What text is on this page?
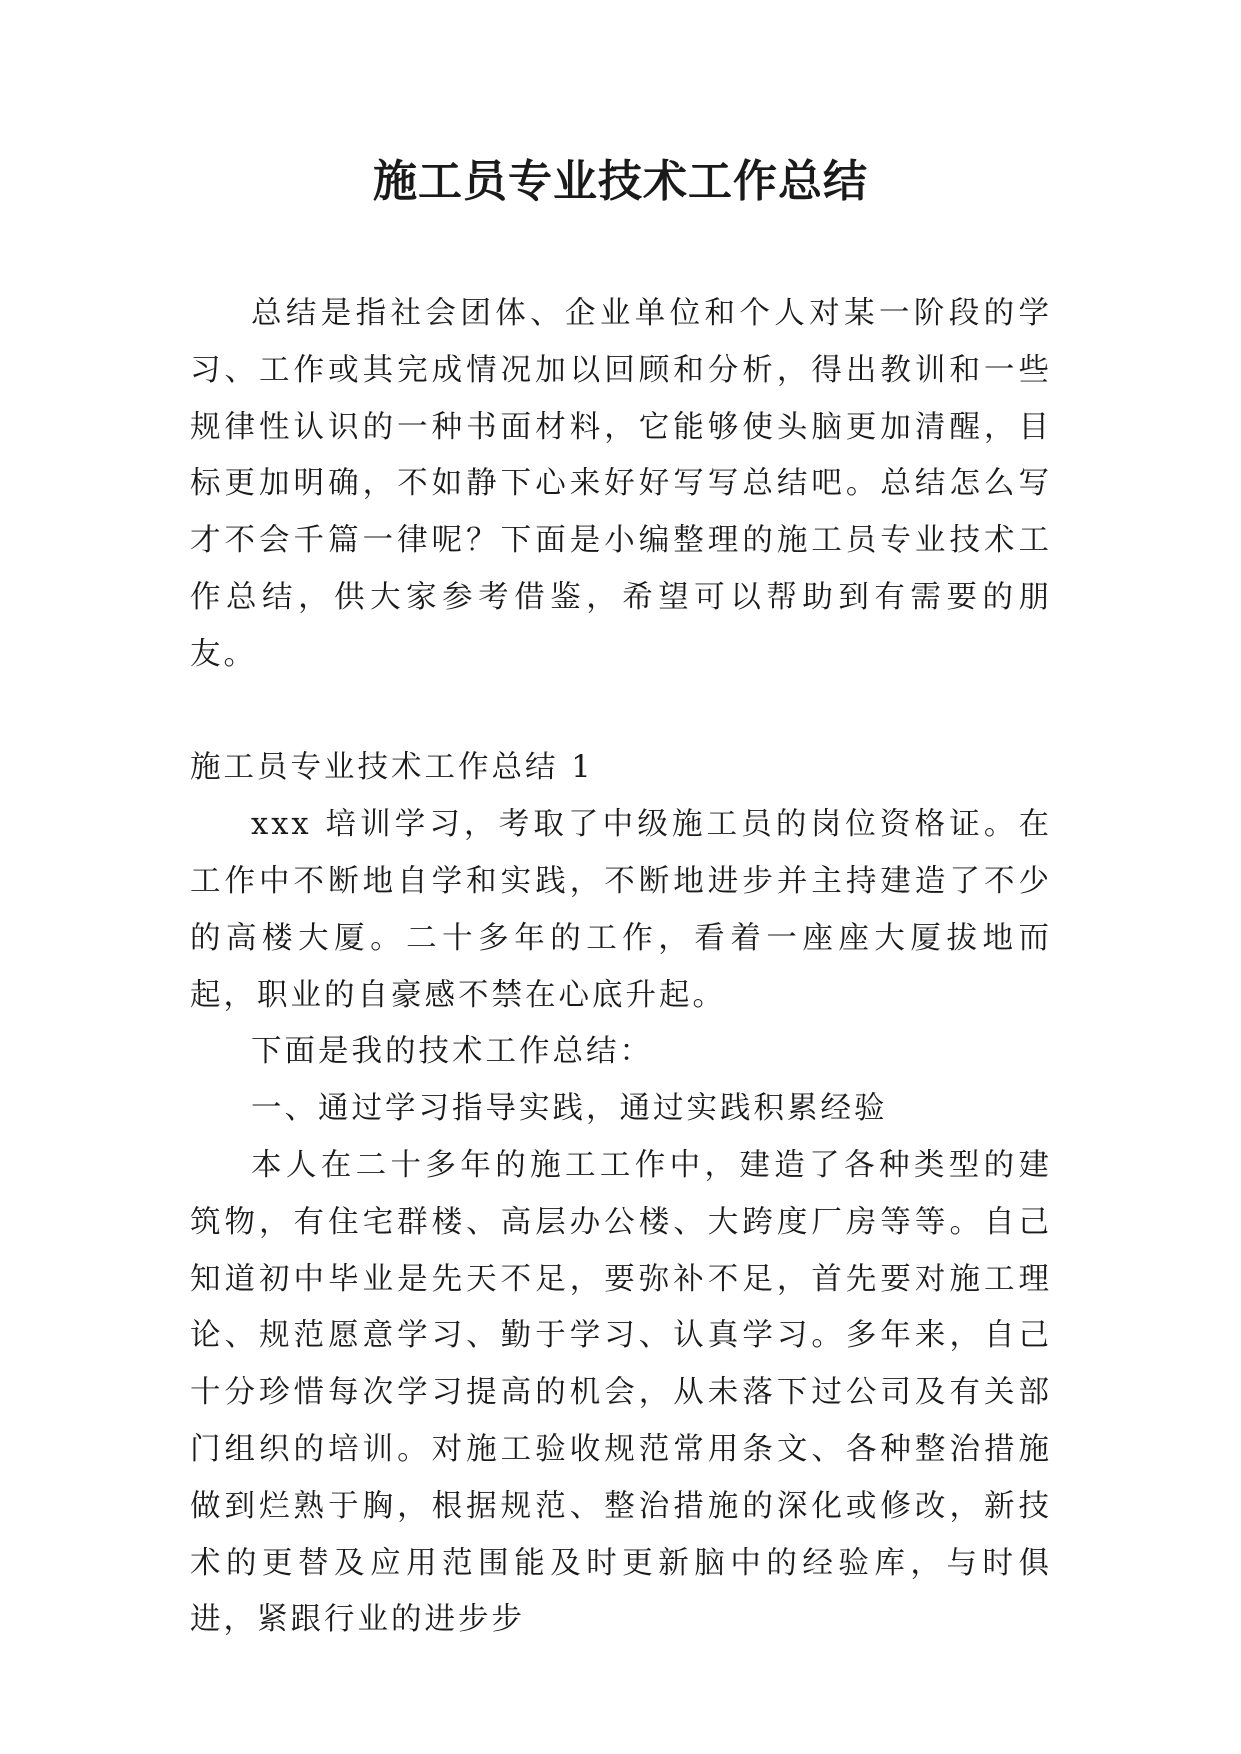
施工员专业技术工作总结

总结是指社会团体、企业单位和个人对某一阶段的学习、工作或其完成情况加以回顾和分析，得出教训和一些规律性认识的一种书面材料，它能够使头脑更加清醒，目标更加明确，不如静下心来好好写写总结吧。总结怎么写才不会千篇一律呢？下面是小编整理的施工员专业技术工作总结，供大家参考借鉴，希望可以帮助到有需要的朋友。

施工员专业技术工作总结 1

xxx 培训学习，考取了中级施工员的岗位资格证。在工作中不断地自学和实践，不断地进步并主持建造了不少的高楼大厦。二十多年的工作，看着一座座大厦拔地而起，职业的自豪感不禁在心底升起。

下面是我的技术工作总结：

一、通过学习指导实践，通过实践积累经验

本人在二十多年的施工工作中，建造了各种类型的建筑物，有住宅群楼、高层办公楼、大跨度厂房等等。自己知道初中毕业是先天不足，要弥补不足，首先要对施工理论、规范愿意学习、勤于学习、认真学习。多年来，自己十分珍惜每次学习提高的机会，从未落下过公司及有关部门组织的培训。对施工验收规范常用条文、各种整治措施做到烂熟于胸，根据规范、整治措施的深化或修改，新技术的更替及应用范围能及时更新脑中的经验库，与时俱进，紧跟行业的进步步
